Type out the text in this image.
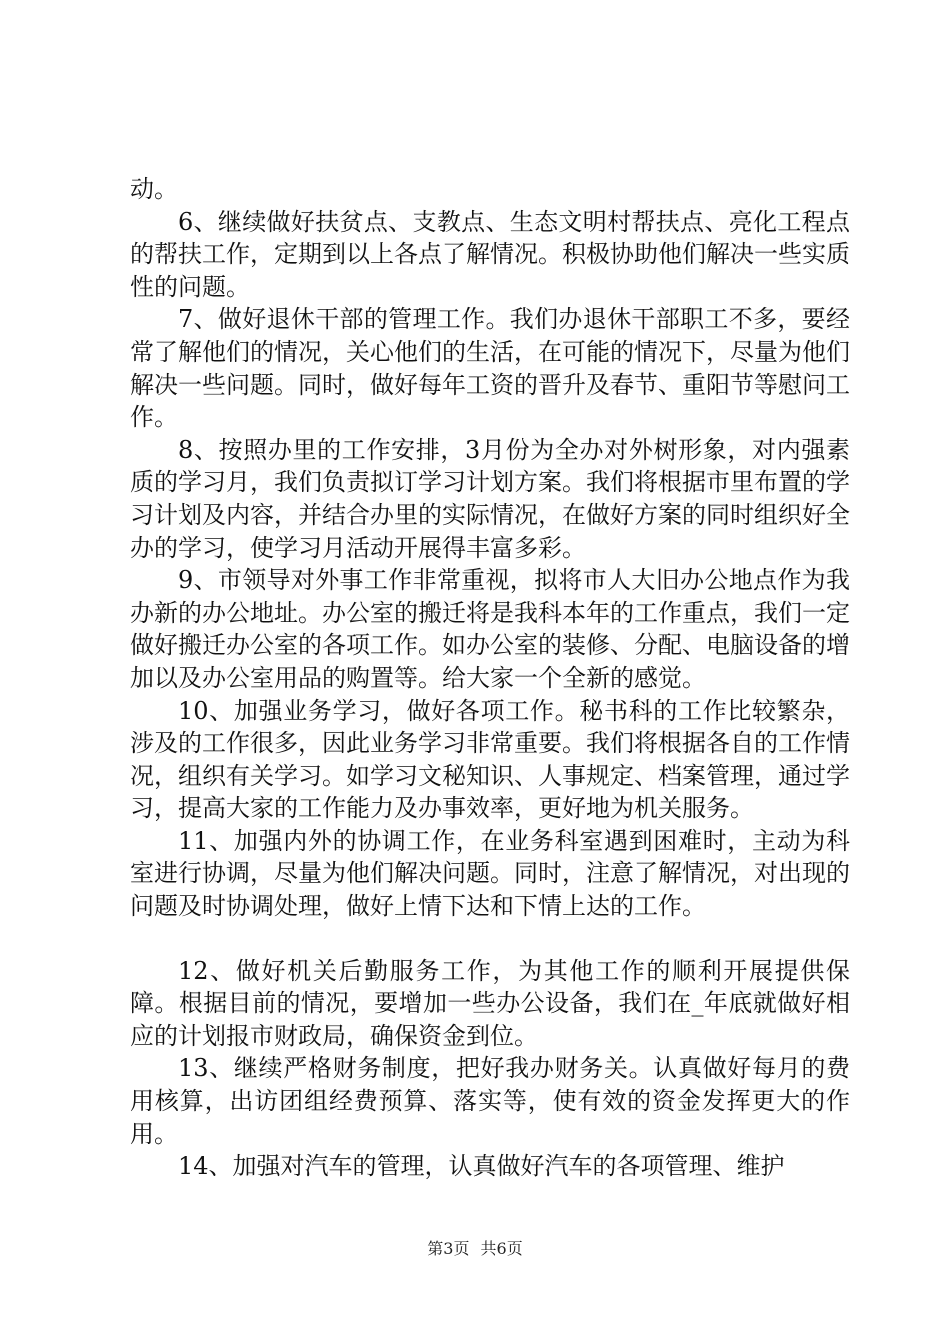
动。

6、继续做好扶贫点、支教点、生态文明村帮扶点、亮化工程点的帮扶工作，定期到以上各点了解情况。积极协助他们解决一些实质性的问题。

7、做好退休干部的管理工作。我们办退休干部职工不多，要经常了解他们的情况，关心他们的生活，在可能的情况下，尽量为他们解决一些问题。同时，做好每年工资的晋升及春节、重阳节等慰问工作。

8、按照办里的工作安排，3月份为全办对外树形象，对内强素质的学习月，我们负责拟订学习计划方案。我们将根据市里布置的学习计划及内容，并结合办里的实际情况，在做好方案的同时组织好全办的学习，使学习月活动开展得丰富多彩。

9、市领导对外事工作非常重视，拟将市人大旧办公地点作为我办新的办公地址。办公室的搬迁将是我科本年的工作重点，我们一定做好搬迁办公室的各项工作。如办公室的装修、分配、电脑设备的增加以及办公室用品的购置等。给大家一个全新的感觉。

10、加强业务学习，做好各项工作。秘书科的工作比较繁杂，涉及的工作很多，因此业务学习非常重要。我们将根据各自的工作情况，组织有关学习。如学习文秘知识、人事规定、档案管理，通过学习，提高大家的工作能力及办事效率，更好地为机关服务。

11、加强内外的协调工作，在业务科室遇到困难时，主动为科室进行协调，尽量为他们解决问题。同时，注意了解情况，对出现的问题及时协调处理，做好上情下达和下情上达的工作。

12、做好机关后勤服务工作，为其他工作的顺利开展提供保障。根据目前的情况，要增加一些办公设备，我们在_年底就做好相应的计划报市财政局，确保资金到位。

13、继续严格财务制度，把好我办财务关。认真做好每月的费用核算，出访团组经费预算、落实等，使有效的资金发挥更大的作用。

14、加强对汽车的管理，认真做好汽车的各项管理、维护

第3页 共6页
